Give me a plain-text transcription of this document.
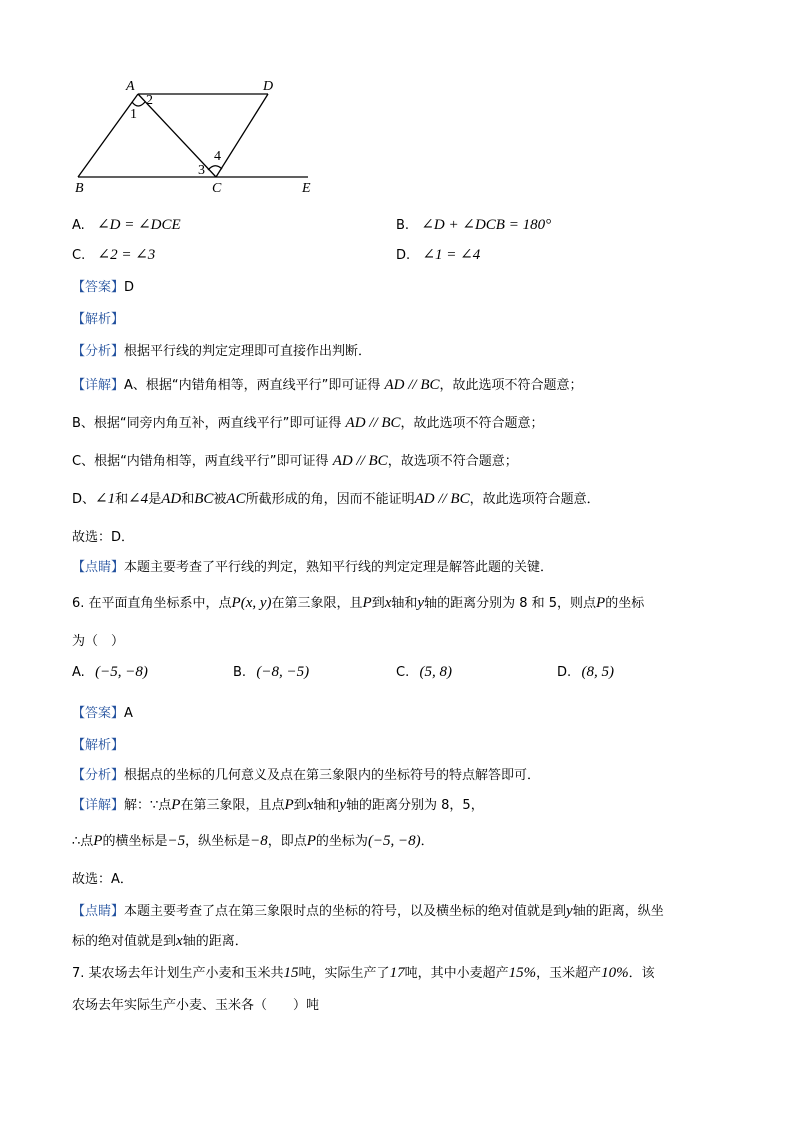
A	D
B	C	E
1
2
3
4
A. ∠D = ∠DCE	B. ∠D + ∠DCB = 180°
C. ∠2 = ∠3	D. ∠1 = ∠4
【答案】D
【解析】
【分析】根据平行线的判定定理即可直接作出判断．
【详解】A、根据“内错角相等，两直线平行”即可证得 AD // BC，故此选项不符合题意；
B、根据“同旁内角互补，两直线平行”即可证得 AD // BC，故此选项不符合题意；
C、根据“内错角相等，两直线平行”即可证得 AD // BC，故选项不符合题意；
D、∠1和∠4是AD和BC被AC所截形成的角，因而不能证明AD // BC，故此选项符合题意．
故选：D．
【点睛】本题主要考查了平行线的判定，熟知平行线的判定定理是解答此题的关键．
6. 在平面直角坐标系中，点P(x, y)在第三象限，且P到x轴和y轴的距离分别为 8 和 5，则点P的坐标
为（　）
A. (−5, −8)	B. (−8, −5)	C. (5, 8)	D. (8, 5)
【答案】A
【解析】
【分析】根据点的坐标的几何意义及点在第三象限内的坐标符号的特点解答即可．
【详解】解：∵点P在第三象限，且点P到x轴和y轴的距离分别为 8，5，
∴点P的横坐标是−5，纵坐标是−8，即点P的坐标为(−5, −8)．
故选：A．
【点睛】本题主要考查了点在第三象限时点的坐标的符号，以及横坐标的绝对值就是到y轴的距离，纵坐
标的绝对值就是到x轴的距离．
7. 某农场去年计划生产小麦和玉米共15吨，实际生产了17吨，其中小麦超产15%，玉米超产10%．该
农场去年实际生产小麦、玉米各（　　）吨
